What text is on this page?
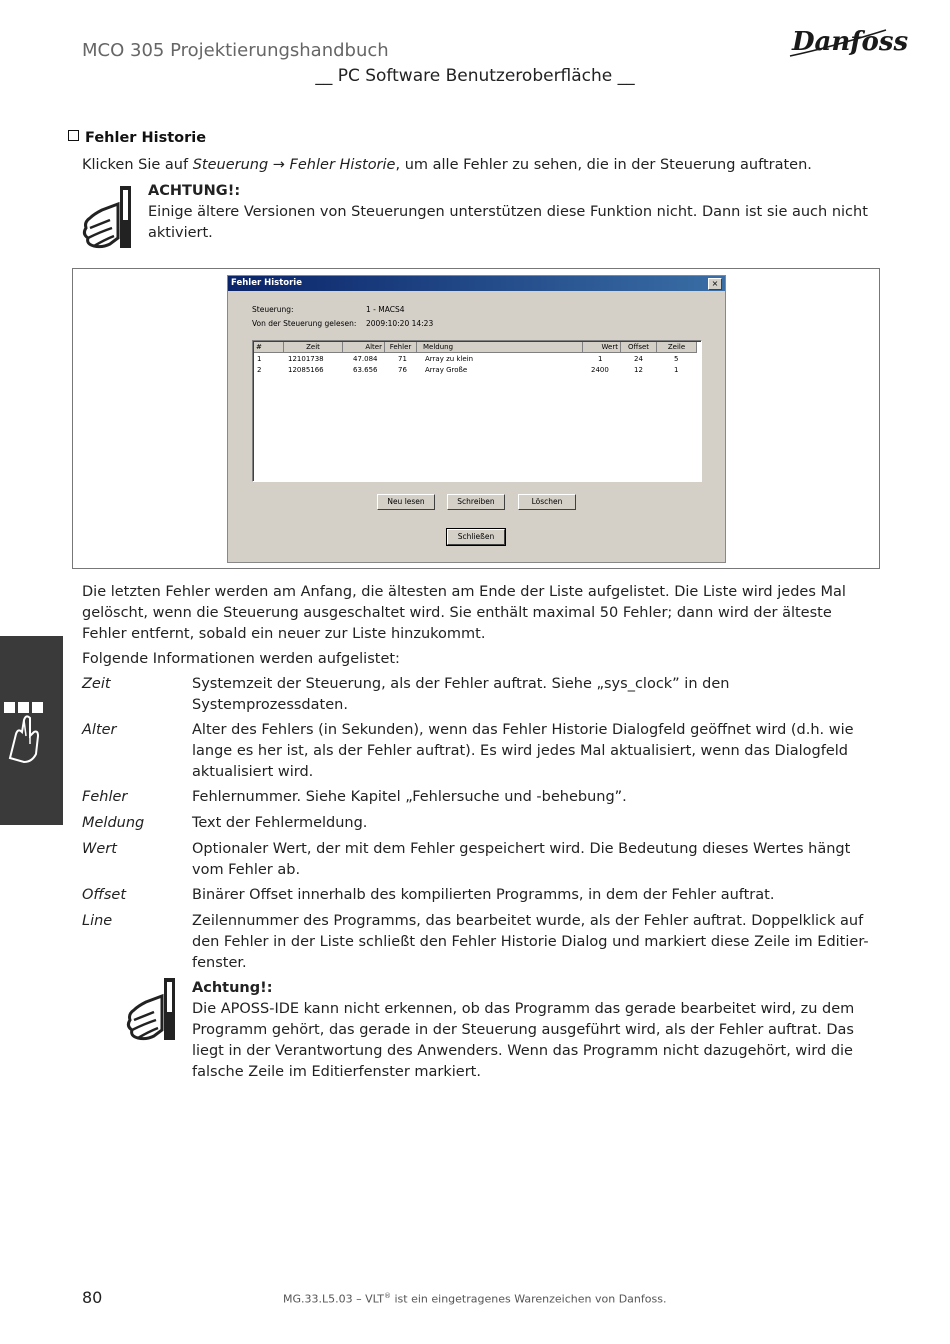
MCO 305 Projektierungshandbuch
__ PC Software Benutzeroberfläche __
Danfoss
Fehler Historie
Klicken Sie auf Steuerung → Fehler Historie, um alle Fehler zu sehen, die in der Steuerung auftraten.
ACHTUNG!:
Einige ältere Versionen von Steuerungen unterstützen diese Funktion nicht. Dann ist sie auch nicht aktiviert.
Fehler Historie	×
Steuerung:	1 - MACS4
Von der Steuerung gelesen: 2009:10:20 14:23
#	Zeit	Alter	Fehler	Meldung	Wert	Offset	Zeile
1	12101738	47.084	71	Array zu klein	1	24	5
2	12085166	63.656	76	Array Große	2400	12	1
Neu lesen	Schreiben	Löschen
Schließen
Die letzten Fehler werden am Anfang, die ältesten am Ende der Liste aufgelistet. Die Liste wird jedes Mal gelöscht, wenn die Steuerung ausgeschaltet wird. Sie enthält maximal 50 Fehler; dann wird der älteste Fehler entfernt, sobald ein neuer zur Liste hinzukommt.
Folgende Informationen werden aufgelistet:
Zeit	Systemzeit der Steuerung, als der Fehler auftrat. Siehe „sys_clock” in den Systemprozessdaten.
Alter	Alter des Fehlers (in Sekunden), wenn das Fehler Historie Dialogfeld geöffnet wird (d.h. wie lange es her ist, als der Fehler auftrat). Es wird jedes Mal aktualisiert, wenn das Dialogfeld aktualisiert wird.
Fehler	Fehlernummer. Siehe Kapitel „Fehlersuche und -behebung”.
Meldung	Text der Fehlermeldung.
Wert	Optionaler Wert, der mit dem Fehler gespeichert wird. Die Bedeutung dieses Wertes hängt vom Fehler ab.
Offset	Binärer Offset innerhalb des kompilierten Programms, in dem der Fehler auftrat.
Line	Zeilennummer des Programms, das bearbeitet wurde, als der Fehler auftrat. Doppelklick auf den Fehler in der Liste schließt den Fehler Historie Dialog und markiert diese Zeile im Editier-fenster.
Achtung!:
Die APOSS-IDE kann nicht erkennen, ob das Programm das gerade bearbeitet wird, zu dem Programm gehört, das gerade in der Steuerung ausgeführt wird, als der Fehler auftrat. Das liegt in der Verantwortung des Anwenders. Wenn das Programm nicht dazugehört, wird die falsche Zeile im Editierfenster markiert.
80	MG.33.L5.03 – VLT® ist ein eingetragenes Warenzeichen von Danfoss.
